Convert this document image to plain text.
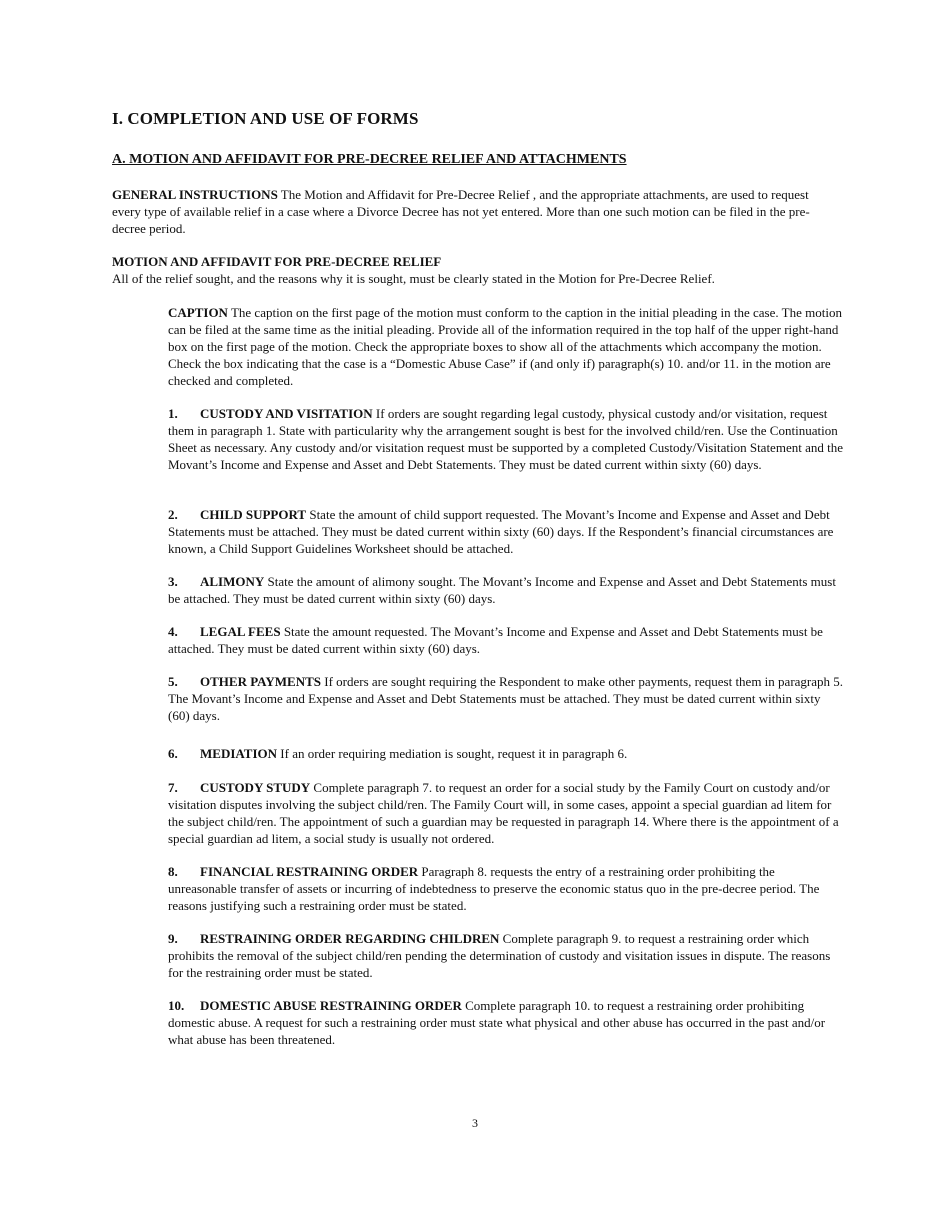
I. COMPLETION AND USE OF FORMS
A. MOTION AND AFFIDAVIT FOR PRE-DECREE RELIEF AND ATTACHMENTS

GENERAL INSTRUCTIONS The Motion and Affidavit for Pre-Decree Relief , and the appropriate attachments, are used to request every type of available relief in a case where a Divorce Decree has not yet entered. More than one such motion can be filed in the pre-decree period.

MOTION AND AFFIDAVIT FOR PRE-DECREE RELIEF
All of the relief sought, and the reasons why it is sought, must be clearly stated in the Motion for Pre-Decree Relief.

CAPTION The caption on the first page of the motion must conform to the caption in the initial pleading in the case. The motion can be filed at the same time as the initial pleading. Provide all of the information required in the top half of the upper right-hand box on the first page of the motion. Check the appropriate boxes to show all of the attachments which accompany the motion. Check the box indicating that the case is a “Domestic Abuse Case” if (and only if) paragraph(s) 10. and/or 11. in the motion are checked and completed.

1. CUSTODY AND VISITATION If orders are sought regarding legal custody, physical custody and/or visitation, request them in paragraph 1. State with particularity why the arrangement sought is best for the involved child/ren. Use the Continuation Sheet as necessary. Any custody and/or visitation request must be supported by a completed Custody/Visitation Statement and the Movant’s Income and Expense and Asset and Debt Statements. They must be dated current within sixty (60) days.

2. CHILD SUPPORT State the amount of child support requested. The Movant’s Income and Expense and Asset and Debt Statements must be attached. They must be dated current within sixty (60) days. If the Respondent’s financial circumstances are known, a Child Support Guidelines Worksheet should be attached.

3. ALIMONY State the amount of alimony sought. The Movant’s Income and Expense and Asset and Debt Statements must be attached. They must be dated current within sixty (60) days.

4. LEGAL FEES State the amount requested. The Movant’s Income and Expense and Asset and Debt Statements must be attached. They must be dated current within sixty (60) days.

5. OTHER PAYMENTS If orders are sought requiring the Respondent to make other payments, request them in paragraph 5. The Movant’s Income and Expense and Asset and Debt Statements must be attached. They must be dated current within sixty (60) days.

6. MEDIATION If an order requiring mediation is sought, request it in paragraph 6.

7. CUSTODY STUDY Complete paragraph 7. to request an order for a social study by the Family Court on custody and/or visitation disputes involving the subject child/ren. The Family Court will, in some cases, appoint a special guardian ad litem for the subject child/ren. The appointment of such a guardian may be requested in paragraph 14. Where there is the appointment of a special guardian ad litem, a social study is usually not ordered.

8. FINANCIAL RESTRAINING ORDER Paragraph 8. requests the entry of a restraining order prohibiting the unreasonable transfer of assets or incurring of indebtedness to preserve the economic status quo in the pre-decree period. The reasons justifying such a restraining order must be stated.

9. RESTRAINING ORDER REGARDING CHILDREN Complete paragraph 9. to request a restraining order which prohibits the removal of the subject child/ren pending the determination of custody and visitation issues in dispute. The reasons for the restraining order must be stated.

10. DOMESTIC ABUSE RESTRAINING ORDER Complete paragraph 10. to request a restraining order prohibiting domestic abuse. A request for such a restraining order must state what physical and other abuse has occurred in the past and/or what abuse has been threatened.

3
